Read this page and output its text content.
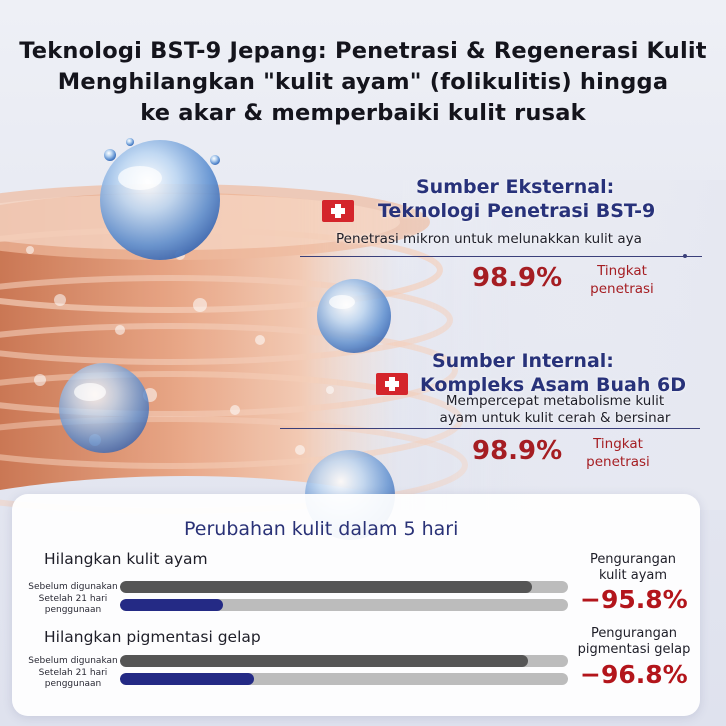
Teknologi BST-9 Jepang: Penetrasi & Regenerasi Kulit
Menghilangkan "kulit ayam" (folikulitis) hingga
ke akar & memperbaiki kulit rusak
Sumber Eksternal:
Teknologi Penetrasi BST-9
Penetrasi mikron untuk melunakkan kulit aya
98.9%	Tingkat
penetrasi
Sumber Internal:
Kompleks Asam Buah 6D
Mempercepat metabolisme kulit
ayam untuk kulit cerah & bersinar
98.9%	Tingkat
penetrasi
Perubahan kulit dalam 5 hari
Hilangkan kulit ayam
Sebelum digunakan
Setelah 21 hari
penggunaan
Pengurangan
kulit ayam
−95.8%
Hilangkan pigmentasi gelap
Sebelum digunakan
Setelah 21 hari
penggunaan
Pengurangan
pigmentasi gelap
−96.8%
